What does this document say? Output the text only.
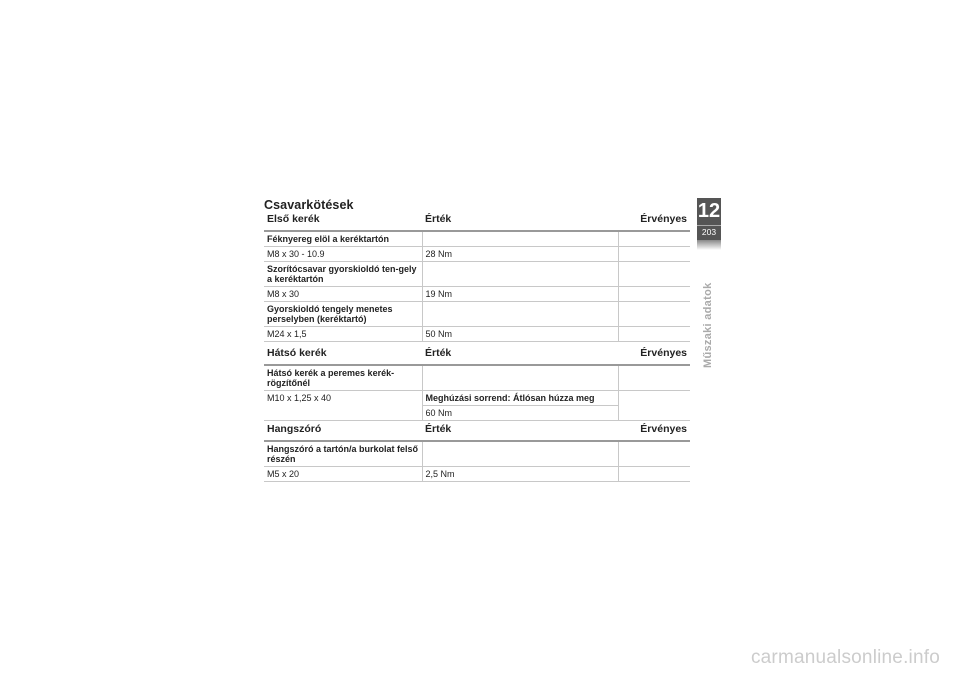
Csavarkötések
Első kerék	Érték	Érvényes
Féknyereg elöl a keréktartón		
M8 x 30 - 10.9	28 Nm	
Szorítócsavar gyorskioldó ten-gely a keréktartón		
M8 x 30	19 Nm	
Gyorskioldó tengely menetes perselyben (keréktartó)		
M24 x 1,5	50 Nm	
Hátsó kerék	Érték	Érvényes
Hátsó kerék a peremes kerék-rögzítőnél		
M10 x 1,25 x 40	Meghúzási sorrend: Átlósan húzza meg	
	60 Nm	
Hangszóró	Érték	Érvényes
Hangszóró a tartón/a burkolat felső részén		
M5 x 20	2,5 Nm	
12
203
Műszaki adatok
carmanualsonline.info
